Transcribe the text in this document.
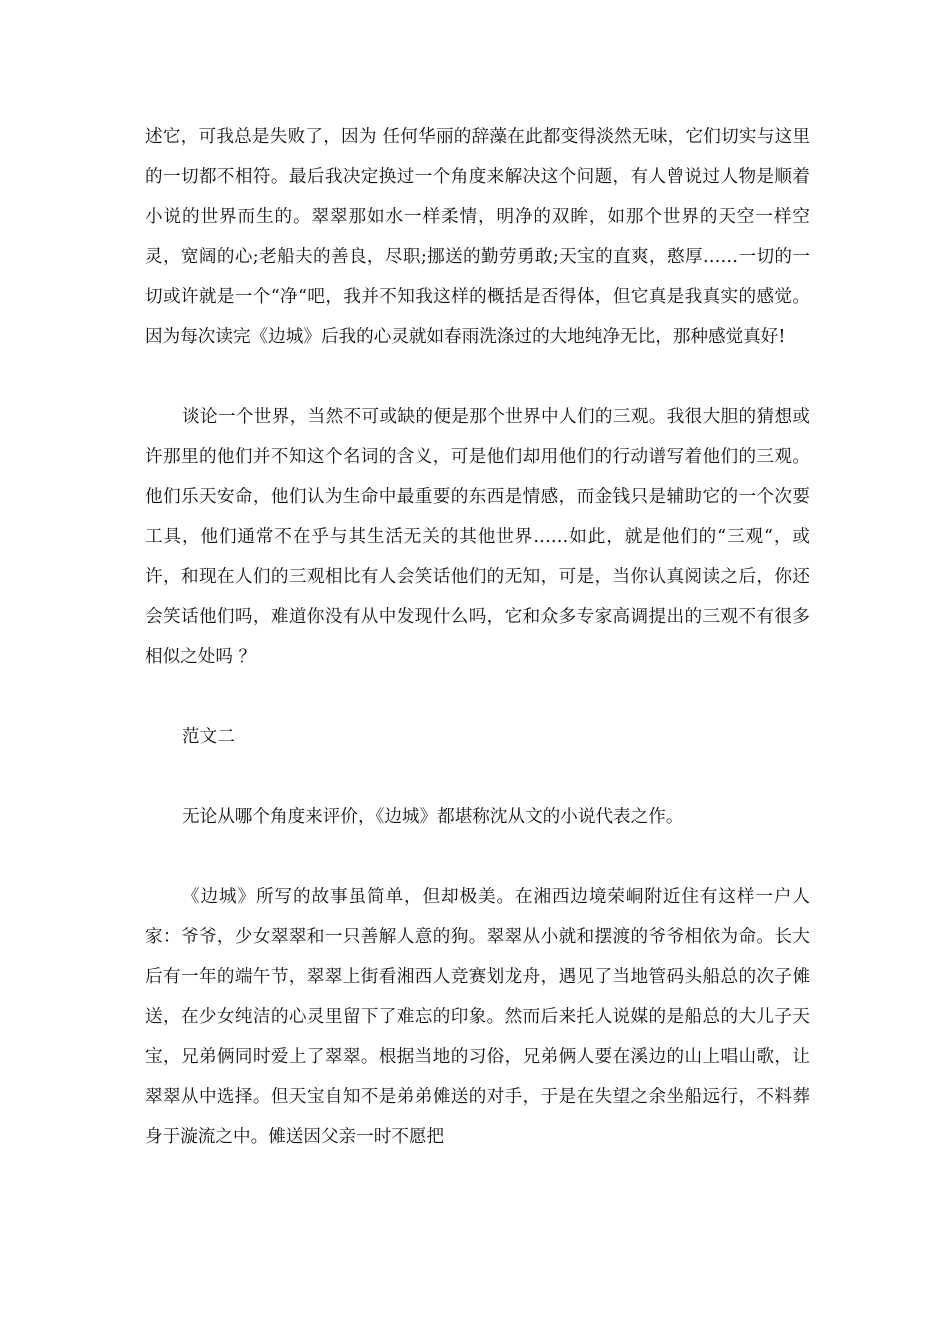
述它，可我总是失败了，因为 任何华丽的辞藻在此都变得淡然无味，它们切实与这里的一切都不相符。最后我决定换过一个角度来解决这个问题，有人曾说过人物是顺着小说的世界而生的。翠翠那如水一样柔情，明净的双眸，如那个世界的天空一样空灵，宽阔的心;老船夫的善良，尽职;挪送的勤劳勇敢;天宝的直爽，憨厚……一切的一切或许就是一个“净“吧，我并不知我这样的概括是否得体，但它真是我真实的感觉。因为每次读完《边城》后我的心灵就如春雨洗涤过的大地纯净无比，那种感觉真好!

谈论一个世界，当然不可或缺的便是那个世界中人们的三观。我很大胆的猜想或许那里的他们并不知这个名词的含义，可是他们却用他们的行动谱写着他们的三观。他们乐天安命，他们认为生命中最重要的东西是情感，而金钱只是辅助它的一个次要工具，他们通常不在乎与其生活无关的其他世界……如此，就是他们的“三观“，或许，和现在人们的三观相比有人会笑话他们的无知，可是，当你认真阅读之后，你还会笑话他们吗，难道你没有从中发现什么吗，它和众多专家高调提出的三观不有很多相似之处吗 ？

范文二

无论从哪个角度来评价，《边城》都堪称沈从文的小说代表之作。

《边城》所写的故事虽简单，但却极美。在湘西边境荣峒附近住有这样一户人家：爷爷，少女翠翠和一只善解人意的狗。翠翠从小就和摆渡的爷爷相依为命。长大后有一年的端午节，翠翠上街看湘西人竞赛划龙舟，遇见了当地管码头船总的次子傩送，在少女纯洁的心灵里留下了难忘的印象。然而后来托人说媒的是船总的大儿子天宝，兄弟俩同时爱上了翠翠。根据当地的习俗，兄弟俩人要在溪边的山上唱山歌，让翠翠从中选择。但天宝自知不是弟弟傩送的对手，于是在失望之余坐船远行，不料葬身于漩流之中。傩送因父亲一时不愿把
